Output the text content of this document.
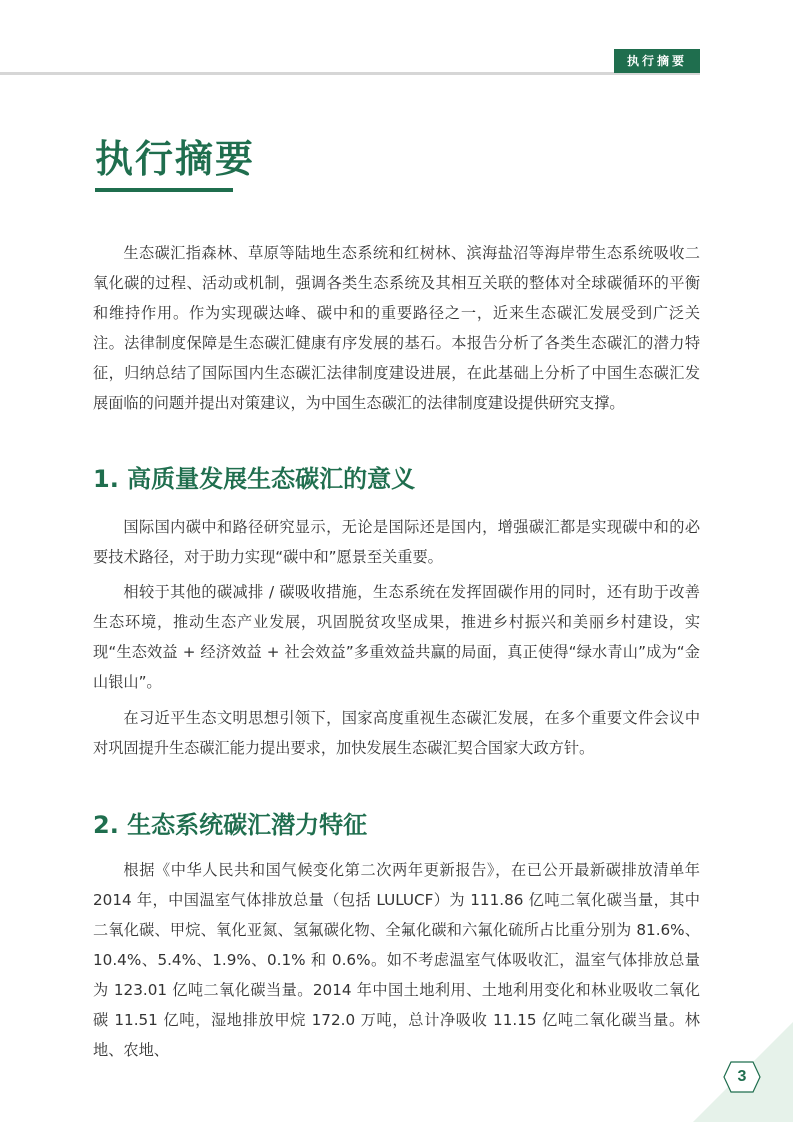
执行摘要
执行摘要

生态碳汇指森林、草原等陆地生态系统和红树林、滨海盐沼等海岸带生态系统吸收二氧化碳的过程、活动或机制，强调各类生态系统及其相互关联的整体对全球碳循环的平衡和维持作用。作为实现碳达峰、碳中和的重要路径之一，近来生态碳汇发展受到广泛关注。法律制度保障是生态碳汇健康有序发展的基石。本报告分析了各类生态碳汇的潜力特征，归纳总结了国际国内生态碳汇法律制度建设进展，在此基础上分析了中国生态碳汇发展面临的问题并提出对策建议，为中国生态碳汇的法律制度建设提供研究支撑。

1. 高质量发展生态碳汇的意义

国际国内碳中和路径研究显示，无论是国际还是国内，增强碳汇都是实现碳中和的必要技术路径，对于助力实现“碳中和”愿景至关重要。

相较于其他的碳减排 / 碳吸收措施，生态系统在发挥固碳作用的同时，还有助于改善生态环境，推动生态产业发展，巩固脱贫攻坚成果，推进乡村振兴和美丽乡村建设，实现“生态效益 + 经济效益 + 社会效益”多重效益共赢的局面，真正使得“绿水青山”成为“金山银山”。

在习近平生态文明思想引领下，国家高度重视生态碳汇发展，在多个重要文件会议中对巩固提升生态碳汇能力提出要求，加快发展生态碳汇契合国家大政方针。

2. 生态系统碳汇潜力特征

根据《中华人民共和国气候变化第二次两年更新报告》，在已公开最新碳排放清单年2014 年，中国温室气体排放总量（包括 LULUCF）为 111.86 亿吨二氧化碳当量，其中二氧化碳、甲烷、氧化亚氮、氢氟碳化物、全氟化碳和六氟化硫所占比重分别为 81.6%、10.4%、5.4%、1.9%、0.1% 和 0.6%。如不考虑温室气体吸收汇，温室气体排放总量为 123.01 亿吨二氧化碳当量。2014 年中国土地利用、土地利用变化和林业吸收二氧化碳 11.51 亿吨，湿地排放甲烷 172.0 万吨，总计净吸收 11.15 亿吨二氧化碳当量。林地、农地、

3
